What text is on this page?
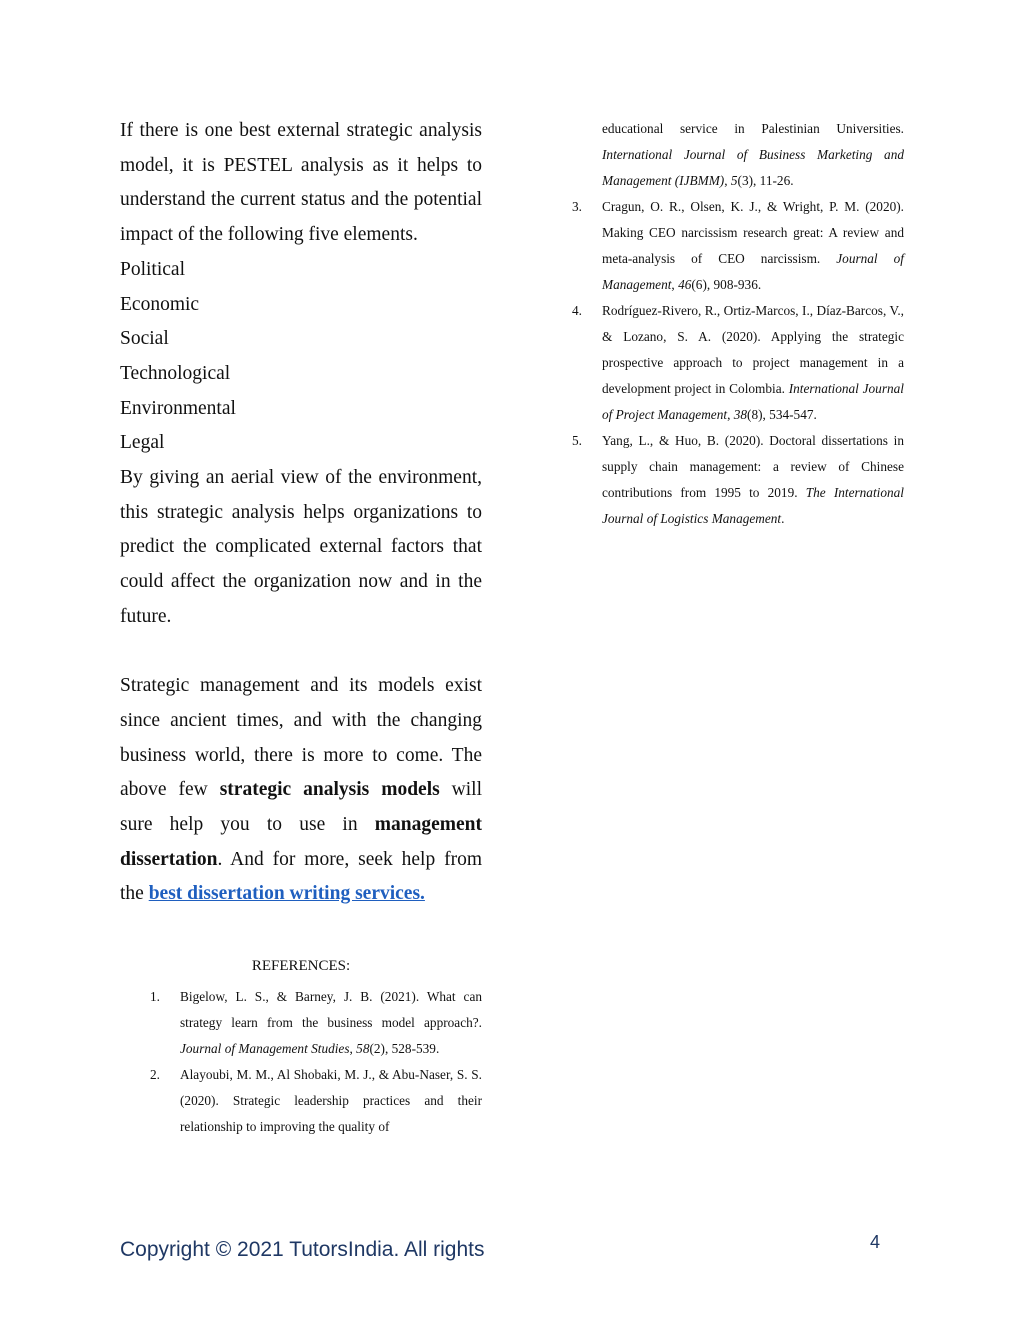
If there is one best external strategic analysis model, it is PESTEL analysis as it helps to understand the current status and the potential impact of the following five elements.

Political
Economic
Social
Technological
Environmental
Legal

By giving an aerial view of the environment, this strategic analysis helps organizations to predict the complicated external factors that could affect the organization now and in the future.

Strategic management and its models exist since ancient times, and with the changing business world, there is more to come. The above few strategic analysis models will sure help you to use in management dissertation. And for more, seek help from the best dissertation writing services.

REFERENCES:
1. Bigelow, L. S., & Barney, J. B. (2021). What can strategy learn from the business model approach?. Journal of Management Studies, 58(2), 528-539.
2. Alayoubi, M. M., Al Shobaki, M. J., & Abu-Naser, S. S. (2020). Strategic leadership practices and their relationship to improving the quality of
educational service in Palestinian Universities. International Journal of Business Marketing and Management (IJBMM), 5(3), 11-26.
3. Cragun, O. R., Olsen, K. J., & Wright, P. M. (2020). Making CEO narcissism research great: A review and meta-analysis of CEO narcissism. Journal of Management, 46(6), 908-936.
4. Rodríguez-Rivero, R., Ortiz-Marcos, I., Díaz-Barcos, V., & Lozano, S. A. (2020). Applying the strategic prospective approach to project management in a development project in Colombia. International Journal of Project Management, 38(8), 534-547.
5. Yang, L., & Huo, B. (2020). Doctoral dissertations in supply chain management: a review of Chinese contributions from 1995 to 2019. The International Journal of Logistics Management.
4
Copyright © 2021 TutorsIndia. All rights
